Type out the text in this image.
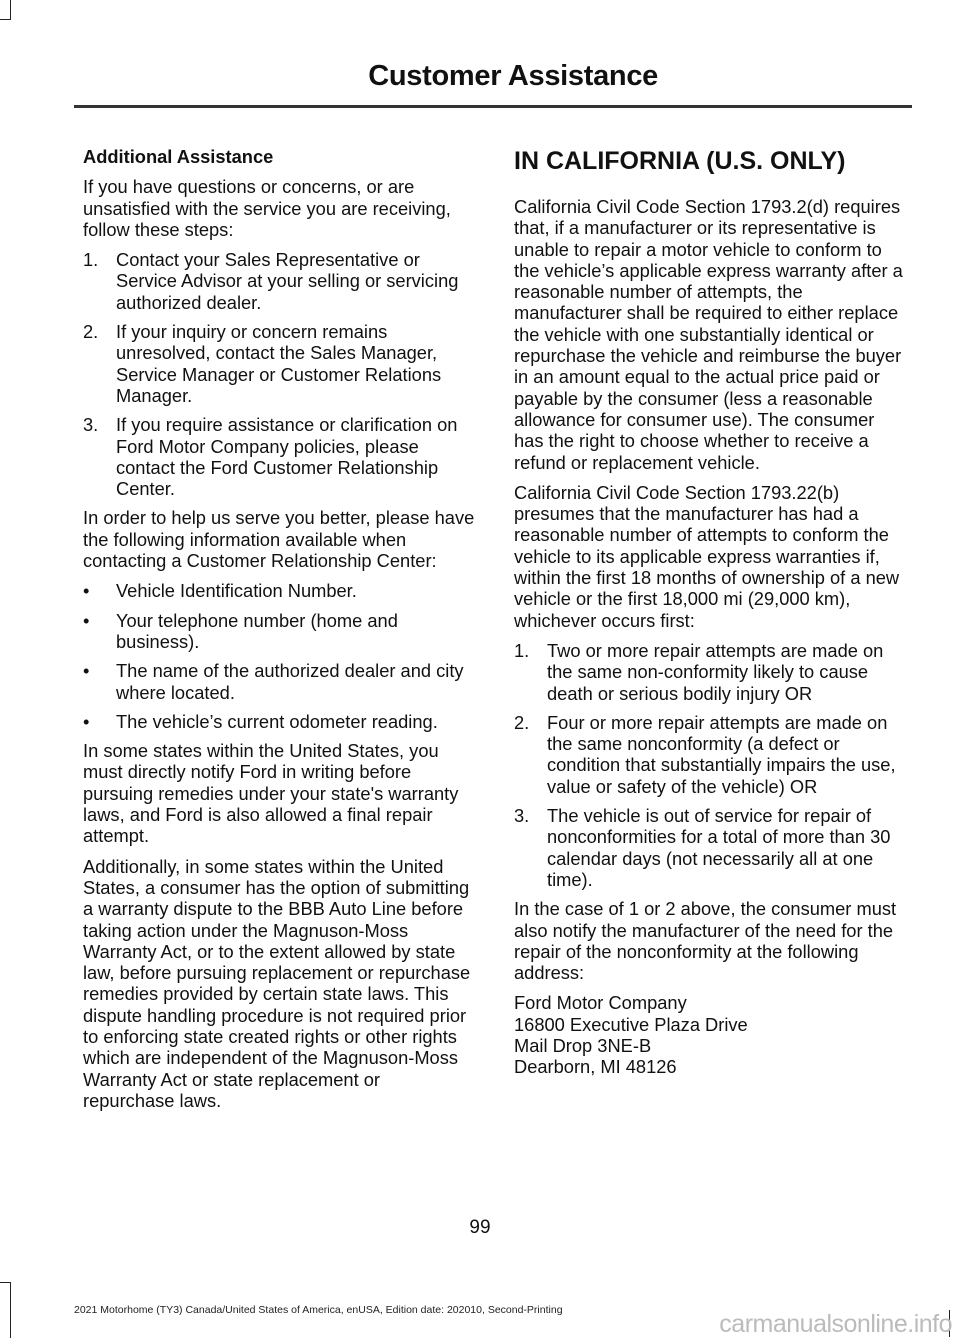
Customer Assistance
Additional Assistance

If you have questions or concerns, or are unsatisfied with the service you are receiving, follow these steps:

1. Contact your Sales Representative or Service Advisor at your selling or servicing authorized dealer.
2. If your inquiry or concern remains unresolved, contact the Sales Manager, Service Manager or Customer Relations Manager.
3. If you require assistance or clarification on Ford Motor Company policies, please contact the Ford Customer Relationship Center.

In order to help us serve you better, please have the following information available when contacting a Customer Relationship Center:

• Vehicle Identification Number.
• Your telephone number (home and business).
• The name of the authorized dealer and city where located.
• The vehicle’s current odometer reading.

In some states within the United States, you must directly notify Ford in writing before pursuing remedies under your state's warranty laws, and Ford is also allowed a final repair attempt.

Additionally, in some states within the United States, a consumer has the option of submitting a warranty dispute to the BBB Auto Line before taking action under the Magnuson-Moss Warranty Act, or to the extent allowed by state law, before pursuing replacement or repurchase remedies provided by certain state laws. This dispute handling procedure is not required prior to enforcing state created rights or other rights which are independent of the Magnuson-Moss Warranty Act or state replacement or repurchase laws.

IN CALIFORNIA (U.S. ONLY)

California Civil Code Section 1793.2(d) requires that, if a manufacturer or its representative is unable to repair a motor vehicle to conform to the vehicle’s applicable express warranty after a reasonable number of attempts, the manufacturer shall be required to either replace the vehicle with one substantially identical or repurchase the vehicle and reimburse the buyer in an amount equal to the actual price paid or payable by the consumer (less a reasonable allowance for consumer use). The consumer has the right to choose whether to receive a refund or replacement vehicle.

California Civil Code Section 1793.22(b) presumes that the manufacturer has had a reasonable number of attempts to conform the vehicle to its applicable express warranties if, within the first 18 months of ownership of a new vehicle or the first 18,000 mi (29,000 km), whichever occurs first:

1. Two or more repair attempts are made on the same non-conformity likely to cause death or serious bodily injury OR
2. Four or more repair attempts are made on the same nonconformity (a defect or condition that substantially impairs the use, value or safety of the vehicle) OR
3. The vehicle is out of service for repair of nonconformities for a total of more than 30 calendar days (not necessarily all at one time).

In the case of 1 or 2 above, the consumer must also notify the manufacturer of the need for the repair of the nonconformity at the following address:

Ford Motor Company
16800 Executive Plaza Drive
Mail Drop 3NE-B
Dearborn, MI 48126
99
2021 Motorhome (TY3) Canada/United States of America, enUSA, Edition date: 202010, Second-Printing	carmanualsonline.info
